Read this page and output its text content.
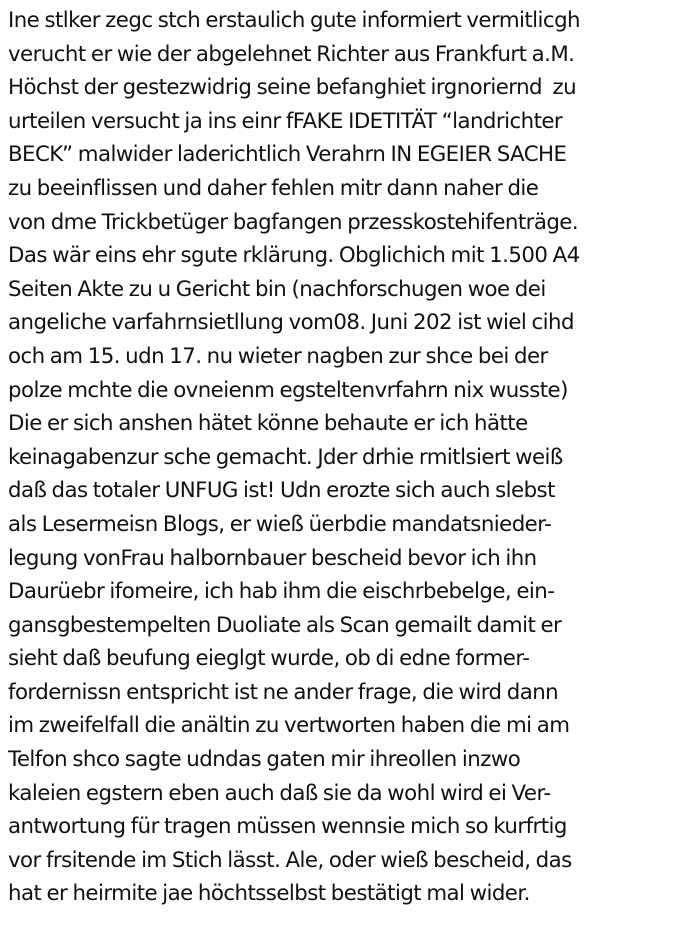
Ine stlker zegc stch erstaulich gute informiert vermitlicgh
verucht er wie der abgelehnet Richter aus Frankfurt a.M.
Höchst der gestezwidrig seine befanghiet irgnoriernd  zu
urteilen versucht ja ins einr fFAKE IDETITÄT “landrichter
BECK” malwider laderichtlich Verahrn IN EGEIER SACHE
zu beeinflissen und daher fehlen mitr dann naher die
von dme Trickbetüger bagfangen przesskostehifenträge.
Das wär eins ehr sgute rklärung. Obglichich mit 1.500 A4
Seiten Akte zu u Gericht bin (nachforschugen woe dei
angeliche varfahrnsietllung vom08. Juni 202 ist wiel cihd
och am 15. udn 17. nu wieter nagben zur shce bei der
polze mchte die ovneienm egsteltenvrfahrn nix wusste)
Die er sich anshen hätet könne behaute er ich hätte
keinagabenzur sche gemacht. Jder drhie rmitlsiert weiß
daß das totaler UNFUG ist! Udn erozte sich auch slebst
als Lesermeisn Blogs, er wieß üerbdie mandatsnieder-
legung vonFrau halbornbauer bescheid bevor ich ihn
Daurüebr ifomeire, ich hab ihm die eischrbebelge, ein-
gansgbestempelten Duoliate als Scan gemailt damit er
sieht daß beufung eieglgt wurde, ob di edne former-
fordernissn entspricht ist ne ander frage, die wird dann
im zweifelfall die anältin zu vertworten haben die mi am
Telfon shco sagte udndas gaten mir ihreollen inzwo
kaleien egstern eben auch daß sie da wohl wird ei Ver-
antwortung für tragen müssen wennsie mich so kurfrtig
vor frsitende im Stich lässt. Ale, oder wieß bescheid, das
hat er heirmite jae höchtsselbst bestätigt mal wider.
